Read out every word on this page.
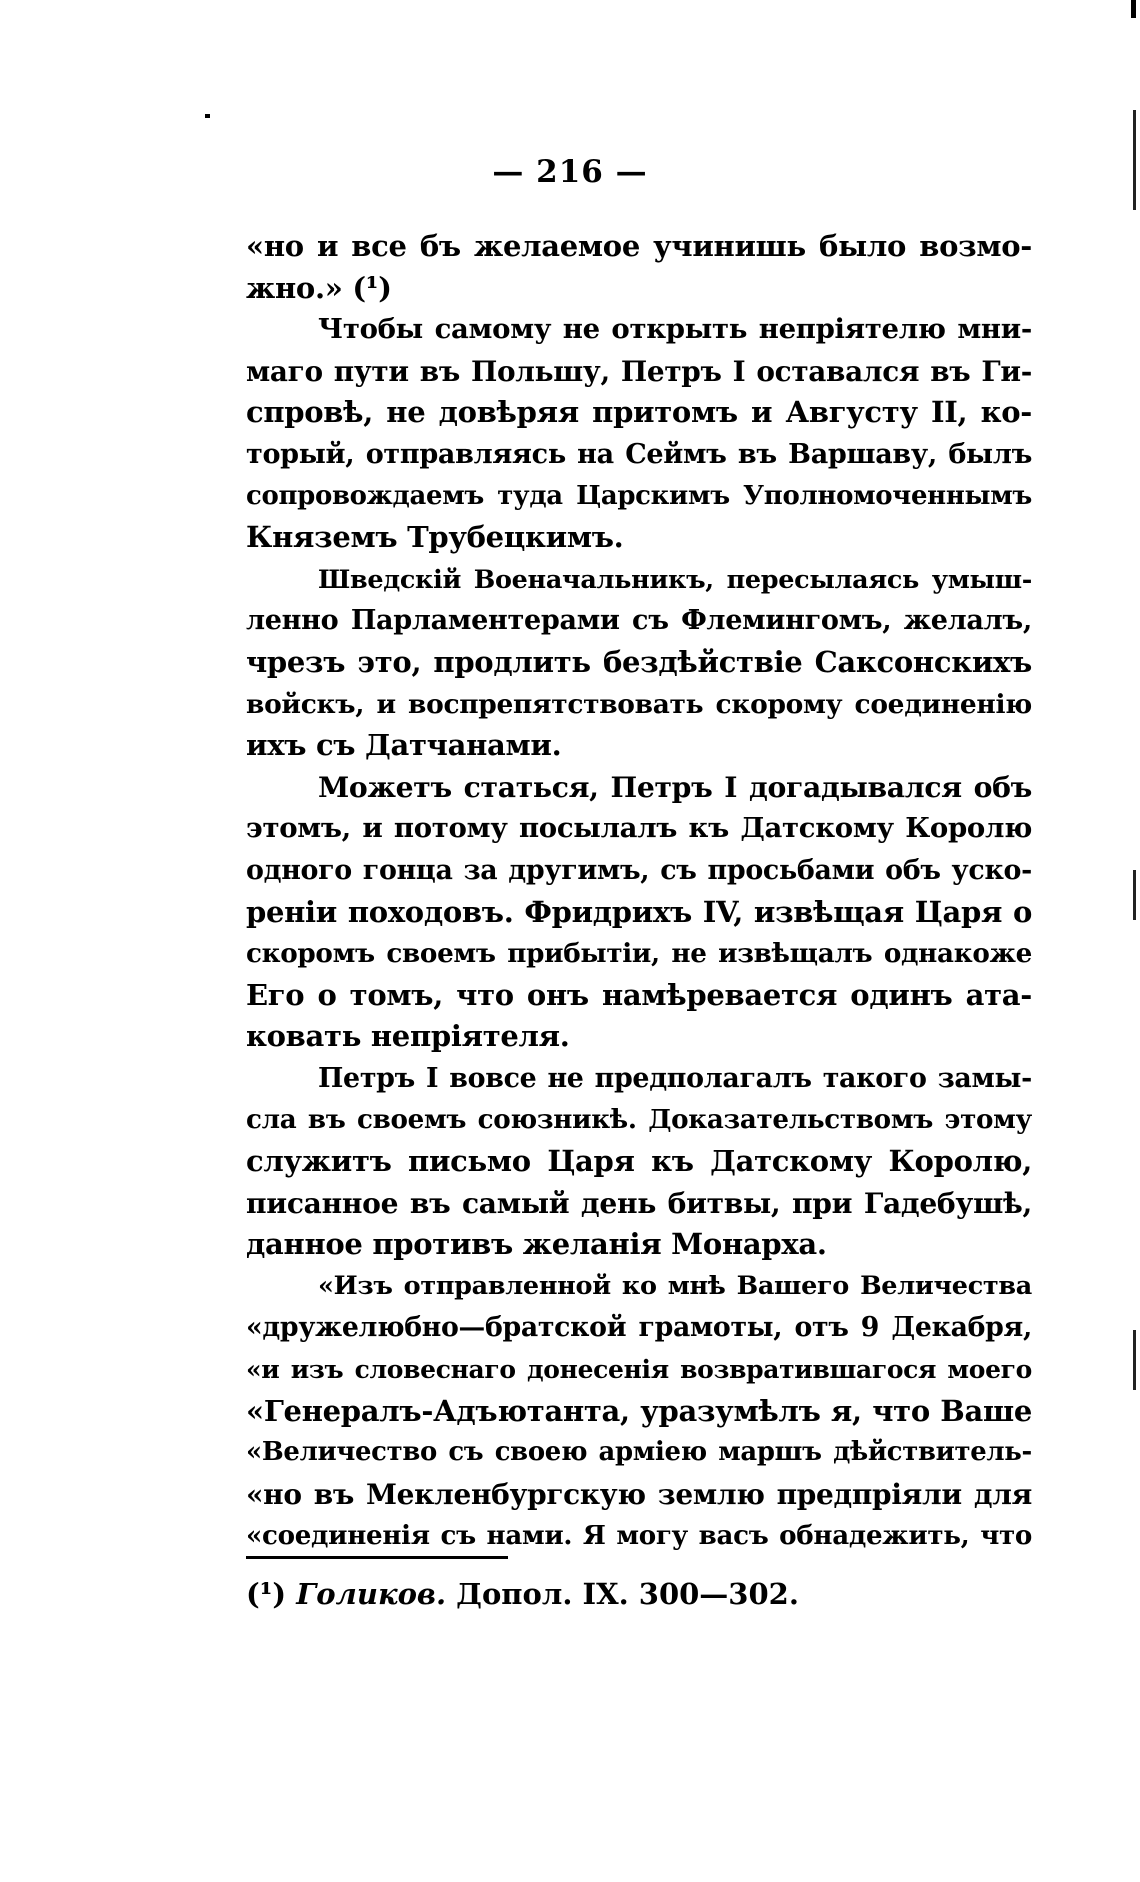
— 216 —
«но и все бъ желаемое учинишь было возмо-
жно.» (¹)
Чтобы самому не открыть непріятелю мни-
маго пути въ Польшу, Петръ I оставался въ Ги-
спровѣ, не довѣряя притомъ и Августу II, ко-
торый, отправляясь на Сеймъ въ Варшаву, былъ
сопровождаемъ туда Царскимъ Уполномоченнымъ
Княземъ Трубецкимъ.
Шведскій Военачальникъ, пересылаясь умыш-
ленно Парламентерами съ Флемингомъ, желалъ,
чрезъ это, продлить бездѣйствіе Саксонскихъ
войскъ, и воспрепятствовать скорому соединенію
ихъ съ Датчанами.
Можетъ статься, Петръ I догадывался объ
этомъ, и потому посылалъ къ Датскому Королю
одного гонца за другимъ, съ просьбами объ уско-
реніи походовъ. Фридрихъ IV, извѣщая Царя о
скоромъ своемъ прибытіи, не извѣщалъ однакоже
Его о томъ, что онъ намѣревается одинъ ата-
ковать непріятеля.
Петръ I вовсе не предполагалъ такого замы-
сла въ своемъ союзникѣ. Доказательствомъ этому
служитъ письмо Царя къ Датскому Королю,
писанное въ самый день битвы, при Гадебушѣ,
данное противъ желанія Монарха.
«Изъ отправленной ко мнѣ Вашего Величества
«дружелюбно—братской грамоты, отъ 9 Декабря,
«и изъ словеснаго донесенія возвратившагося моего
«Генералъ-Адъютанта, уразумѣлъ я, что Ваше
«Величество съ своею арміею маршъ дѣйствитель-
«но въ Мекленбургскую землю предпріяли для
«соединенія съ нами. Я могу васъ обнадежить, что
(¹) Голиков. Допол. IX. 300—302.
